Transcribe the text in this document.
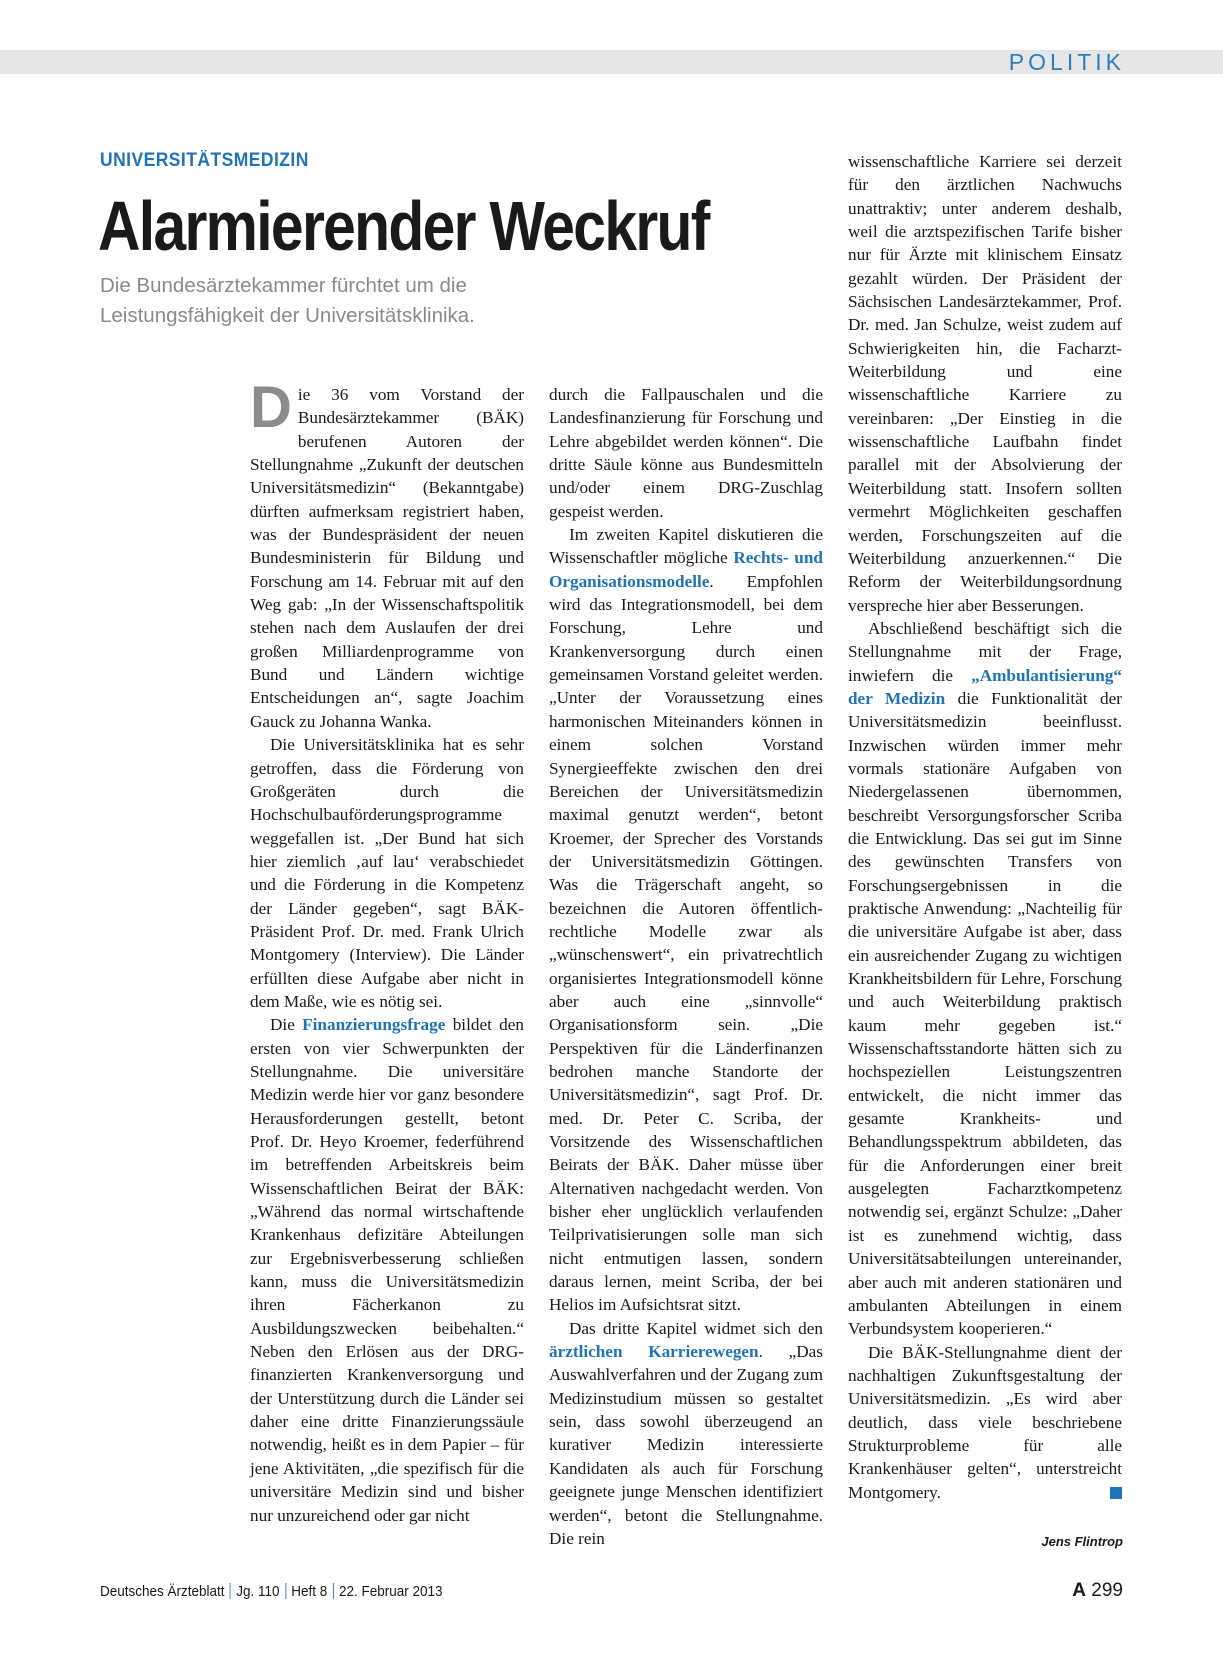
POLITIK
UNIVERSITÄTSMEDIZIN
Alarmierender Weckruf
Die Bundesärztekammer fürchtet um die Leistungsfähigkeit der Universitätsklinika.

Die 36 vom Vorstand der Bundesärztekammer (BÄK) berufenen Autoren der Stellungnahme „Zukunft der deutschen Universitätsmedizin“ (Bekanntgabe) dürften aufmerksam registriert haben, was der Bundespräsident der neuen Bundesministerin für Bildung und Forschung am 14. Februar mit auf den Weg gab: „In der Wissenschaftspolitik stehen nach dem Auslaufen der drei großen Milliardenprogramme von Bund und Ländern wichtige Entscheidungen an“, sagte Joachim Gauck zu Johanna Wanka.

Die Universitätsklinika hat es sehr getroffen, dass die Förderung von Großgeräten durch die Hochschulbauförderungsprogramme weggefallen ist. „Der Bund hat sich hier ziemlich ‚auf lau‘ verabschiedet und die Förderung in die Kompetenz der Länder gegeben“, sagt BÄK-Präsident Prof. Dr. med. Frank Ulrich Montgomery (Interview). Die Länder erfüllten diese Aufgabe aber nicht in dem Maße, wie es nötig sei.

Die Finanzierungsfrage bildet den ersten von vier Schwerpunkten der Stellungnahme. Die universitäre Medizin werde hier vor ganz besondere Herausforderungen gestellt, betont Prof. Dr. Heyo Kroemer, federführend im betreffenden Arbeitskreis beim Wissenschaftlichen Beirat der BÄK: „Während das normal wirtschaftende Krankenhaus defizitäre Abteilungen zur Ergebnisverbesserung schließen kann, muss die Universitätsmedizin ihren Fächerkanon zu Ausbildungszwecken beibehalten.“ Neben den Erlösen aus der DRG-finanzierten Krankenversorgung und der Unterstützung durch die Länder sei daher eine dritte Finanzierungssäule notwendig, heißt es in dem Papier – für jene Aktivitäten, „die spezifisch für die universitäre Medizin sind und bisher nur unzureichend oder gar nicht

durch die Fallpauschalen und die Landesfinanzierung für Forschung und Lehre abgebildet werden können“. Die dritte Säule könne aus Bundesmitteln und/oder einem DRG-Zuschlag gespeist werden.

Im zweiten Kapitel diskutieren die Wissenschaftler mögliche Rechts- und Organisationsmodelle. Empfohlen wird das Integrationsmodell, bei dem Forschung, Lehre und Krankenversorgung durch einen gemeinsamen Vorstand geleitet werden. „Unter der Voraussetzung eines harmonischen Miteinanders können in einem solchen Vorstand Synergieeffekte zwischen den drei Bereichen der Universitätsmedizin maximal genutzt werden“, betont Kroemer, der Sprecher des Vorstands der Universitätsmedizin Göttingen. Was die Trägerschaft angeht, so bezeichnen die Autoren öffentlich-rechtliche Modelle zwar als „wünschenswert“, ein privatrechtlich organisiertes Integrationsmodell könne aber auch eine „sinnvolle“ Organisationsform sein. „Die Perspektiven für die Länderfinanzen bedrohen manche Standorte der Universitätsmedizin“, sagt Prof. Dr. med. Dr. Peter C. Scriba, der Vorsitzende des Wissenschaftlichen Beirats der BÄK. Daher müsse über Alternativen nachgedacht werden. Von bisher eher unglücklich verlaufenden Teilprivatisierungen solle man sich nicht entmutigen lassen, sondern daraus lernen, meint Scriba, der bei Helios im Aufsichtsrat sitzt.

Das dritte Kapitel widmet sich den ärztlichen Karrierewegen. „Das Auswahlverfahren und der Zugang zum Medizinstudium müssen so gestaltet sein, dass sowohl überzeugend an kurativer Medizin interessierte Kandidaten als auch für Forschung geeignete junge Menschen identifiziert werden“, betont die Stellungnahme. Die rein

wissenschaftliche Karriere sei derzeit für den ärztlichen Nachwuchs unattraktiv; unter anderem deshalb, weil die arztspezifischen Tarife bisher nur für Ärzte mit klinischem Einsatz gezahlt würden. Der Präsident der Sächsischen Landesärztekammer, Prof. Dr. med. Jan Schulze, weist zudem auf Schwierigkeiten hin, die Facharzt-Weiterbildung und eine wissenschaftliche Karriere zu vereinbaren: „Der Einstieg in die wissenschaftliche Laufbahn findet parallel mit der Absolvierung der Weiterbildung statt. Insofern sollten vermehrt Möglichkeiten geschaffen werden, Forschungszeiten auf die Weiterbildung anzuerkennen.“ Die Reform der Weiterbildungsordnung verspreche hier aber Besserungen.

Abschließend beschäftigt sich die Stellungnahme mit der Frage, inwiefern die „Ambulantisierung“ der Medizin die Funktionalität der Universitätsmedizin beeinflusst. Inzwischen würden immer mehr vormals stationäre Aufgaben von Niedergelassenen übernommen, beschreibt Versorgungsforscher Scriba die Entwicklung. Das sei gut im Sinne des gewünschten Transfers von Forschungsergebnissen in die praktische Anwendung: „Nachteilig für die universitäre Aufgabe ist aber, dass ein ausreichender Zugang zu wichtigen Krankheitsbildern für Lehre, Forschung und auch Weiterbildung praktisch kaum mehr gegeben ist.“ Wissenschaftsstandorte hätten sich zu hochspeziellen Leistungszentren entwickelt, die nicht immer das gesamte Krankheits- und Behandlungsspektrum abbildeten, das für die Anforderungen einer breit ausgelegten Facharztkompetenz notwendig sei, ergänzt Schulze: „Daher ist es zunehmend wichtig, dass Universitätsabteilungen untereinander, aber auch mit anderen stationären und ambulanten Abteilungen in einem Verbundsystem kooperieren.“

Die BÄK-Stellungnahme dient der nachhaltigen Zukunftsgestaltung der Universitätsmedizin. „Es wird aber deutlich, dass viele beschriebene Strukturprobleme für alle Krankenhäuser gelten“, unterstreicht Montgomery.

Jens Flintrop
Deutsches Ärzteblatt Jg. 110 Heft 8 22. Februar 2013	A 299
